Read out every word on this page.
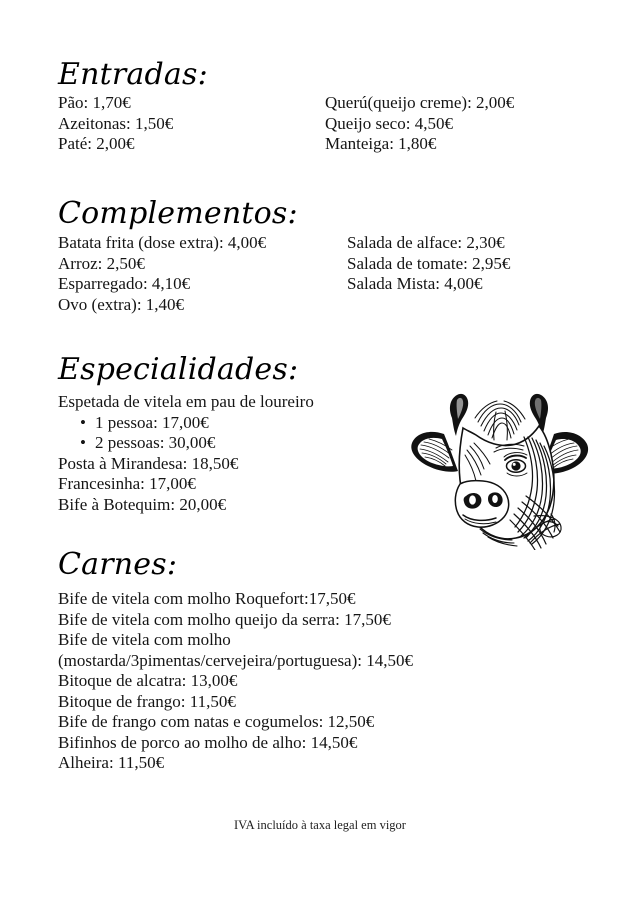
Entradas:
Pão: 1,70€
Azeitonas: 1,50€
Paté: 2,00€
Querú(queijo creme): 2,00€
Queijo seco: 4,50€
Manteiga: 1,80€
Complementos:
Batata frita (dose extra): 4,00€
Arroz: 2,50€
Esparregado: 4,10€
Ovo (extra): 1,40€
Salada de alface: 2,30€
Salada de tomate: 2,95€
Salada Mista: 4,00€
Especialidades:
Espetada de vitela em pau de loureiro
• 1 pessoa: 17,00€
• 2 pessoas: 30,00€
Posta à Mirandesa: 18,50€
Francesinha: 17,00€
Bife à Botequim: 20,00€
Carnes:
Bife de vitela com molho Roquefort:17,50€
Bife de vitela com molho queijo da serra: 17,50€
Bife de vitela com molho
(mostarda/3pimentas/cervejeira/portuguesa): 14,50€
Bitoque de alcatra: 13,00€
Bitoque de frango: 11,50€
Bife de frango com natas e cogumelos: 12,50€
Bifinhos de porco ao molho de alho: 14,50€
Alheira: 11,50€
IVA incluído à taxa legal em vigor
